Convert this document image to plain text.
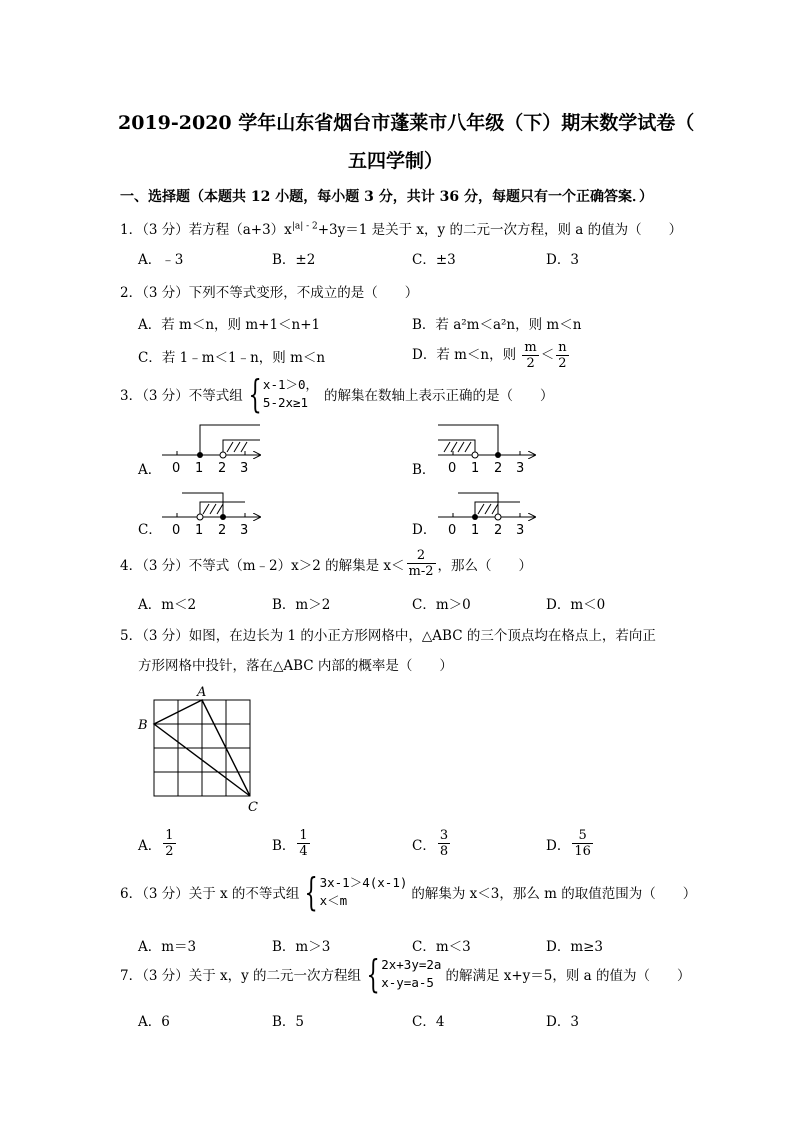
2019-2020 学年山东省烟台市蓬莱市八年级（下）期末数学试卷（
五四学制）
一、选择题（本题共 12 小题，每小题 3 分，共计 36 分，每题只有一个正确答案．）
1．（3 分）若方程$(a+3)x^{|a| - 2}+3y=1$ 是关于 x，y 的二元一次方程，则 a 的值为（　　）
A．﹣3	B．±2	C．±3	D．3
2．（3 分）下列不等式变形，不成立的是（　　）
A．若 m＜n，则 m+1＜n+1	B．若 a²m＜a²n，则 m＜n
C．若 1﹣m＜1﹣n，则 m＜n	D．若 m＜n，则 $\frac{m}{2} < \frac{n}{2}$
3．（3 分）不等式组 { x-1＞0，
5-2x≥1	的解集在数轴上表示正确的是（　　）
0 1 2 3	0 1 2 3
0 1 2 3	0 1 2 3
A．	B．
C．	D．
4．（3 分）不等式（m﹣2）x＞2 的解集是 $x< \frac{2}{m-2}$ ，那么（　　）
A．m＜2	B．m＞2	C．m＞0	D．m＜0
5．（3 分）如图，在边长为 1 的小正方形网格中，△ABC 的三个顶点均在格点上，若向正
方形网格中投针，落在△ABC 内部的概率是（　　）
A
B
C
A． $\frac{1}{2}$	B． $\frac{1}{4}$	C． $\frac{3}{8}$	D． $\frac{5}{16}$
6．（3 分）关于 x 的不等式组 { 3x-1＞4(x-1)
x＜m	的解集为 x＜3，那么 m 的取值范围为（　　）
A．m＝3	B．m＞3	C．m＜3	D．m≥3
7．（3 分）关于 x，y 的二元一次方程组 { 2x+3y=2a
x-y=a-5 的解满足 x+y＝5，则 a 的值为（　　）
A．6	B．5	C．4	D．3
